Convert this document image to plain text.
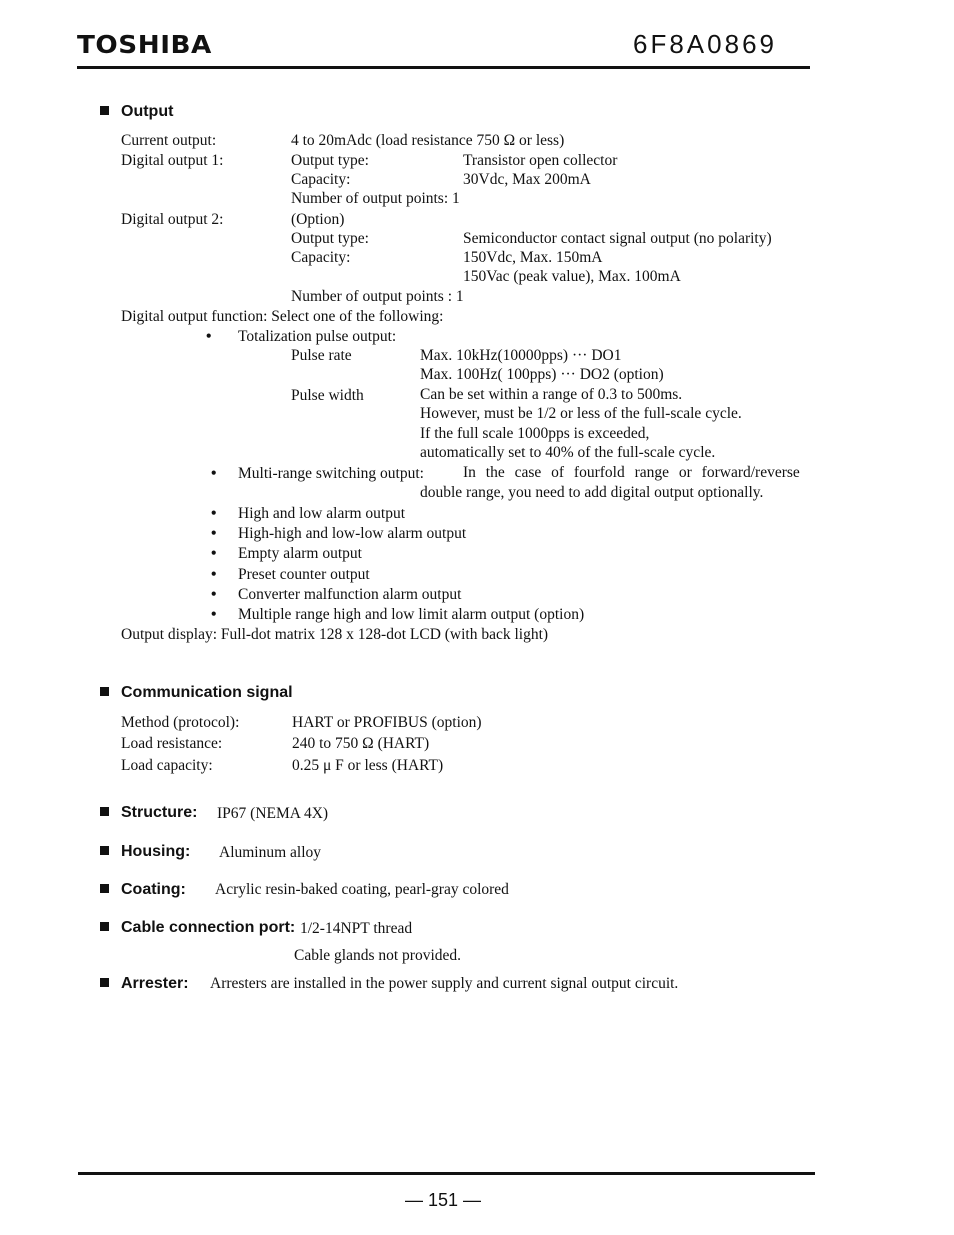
TOSHIBA	6F8A0869
Output
Current output:	4 to 20mAdc (load resistance 750 Ω or less)
Digital output 1:	Output type:	Transistor open collector
Capacity:	30Vdc, Max 200mA
Number of output points: 1
Digital output 2:	(Option)
Output type:	Semiconductor contact signal output (no polarity)
Capacity:	150Vdc, Max. 150mA
150Vac (peak value), Max. 100mA
Number of output points : 1
Digital output function: Select one of the following:
• Totalization pulse output:
Pulse rate	Max. 10kHz(10000pps) ··· DO1
Max. 100Hz( 100pps) ··· DO2 (option)
Pulse width	Can be set within a range of 0.3 to 500ms.
However, must be 1/2 or less of the full-scale cycle.
If the full scale 1000pps is exceeded,
automatically set to 40% of the full-scale cycle.
• Multi-range switching output:	In the case of fourfold range or forward/reverse
double range, you need to add digital output optionally.
• High and low alarm output
• High-high and low-low alarm output
• Empty alarm output
• Preset counter output
• Converter malfunction alarm output
• Multiple range high and low limit alarm output (option)
Output display: Full-dot matrix 128 x 128-dot LCD (with back light)
Communication signal
Method (protocol):	HART or PROFIBUS (option)
Load resistance:	240 to 750 Ω (HART)
Load capacity:	0.25 μ F or less (HART)
Structure: IP67 (NEMA 4X)
Housing: Aluminum alloy
Coating: Acrylic resin-baked coating, pearl-gray colored
Cable connection port: 1/2-14NPT thread
Cable glands not provided.
Arrester: Arresters are installed in the power supply and current signal output circuit.
— 151 —
